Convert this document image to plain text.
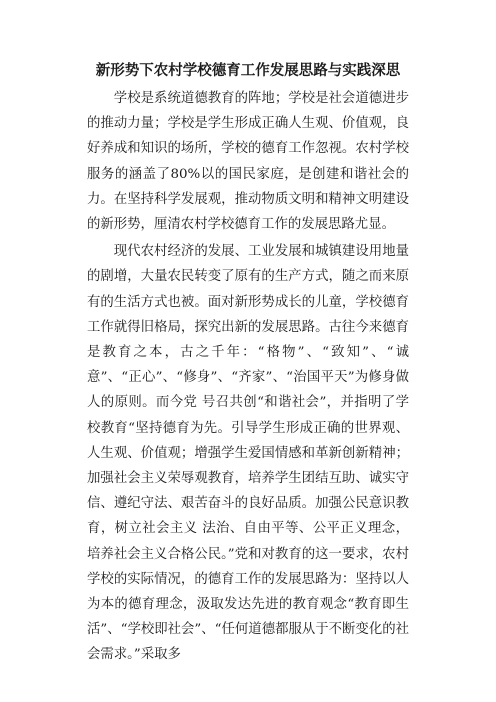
新形势下农村学校德育工作发展思路与实践深思

学校是系统道德教育的阵地；学校是社会道德进步的推动力量；学校是学生形成正确人生观、价值观，良好养成和知识的场所，学校的德育工作忽视。农村学校服务的涵盖了80%以的国民家庭，是创建和谐社会的力。在坚持科学发展观，推动物质文明和精神文明建设的新形势，厘清农村学校德育工作的发展思路尤显。

现代农村经济的发展、工业发展和城镇建设用地量的剧增，大量农民转变了原有的生产方式，随之而来原有的生活方式也被。面对新形势成长的儿童，学校德育工作就得旧格局，探究出新的发展思路。古往今来德育是教育之本，古之千年：“格物”、“致知”、“诚意”、“正心”、“修身”、“齐家”、“治国平天”为修身做人的原则。而今党 号召共创“和谐社会”，并指明了学校教育“坚持德育为先。引导学生形成正确的世界观、人生观、价值观；增强学生爱国情感和革新创新精神；加强社会主义荣辱观教育，培养学生团结互助、诚实守信、遵纪守法、艰苦奋斗的良好品质。加强公民意识教育，树立社会主义 法治、自由平等、公平正义理念，培养社会主义合格公民。”党和对教育的这一要求，农村学校的实际情况，的德育工作的发展思路为：坚持以人为本的德育理念，汲取发达先进的教育观念“教育即生活”、“学校即社会”、“任何道德都服从于不断变化的社会需求。”采取多
